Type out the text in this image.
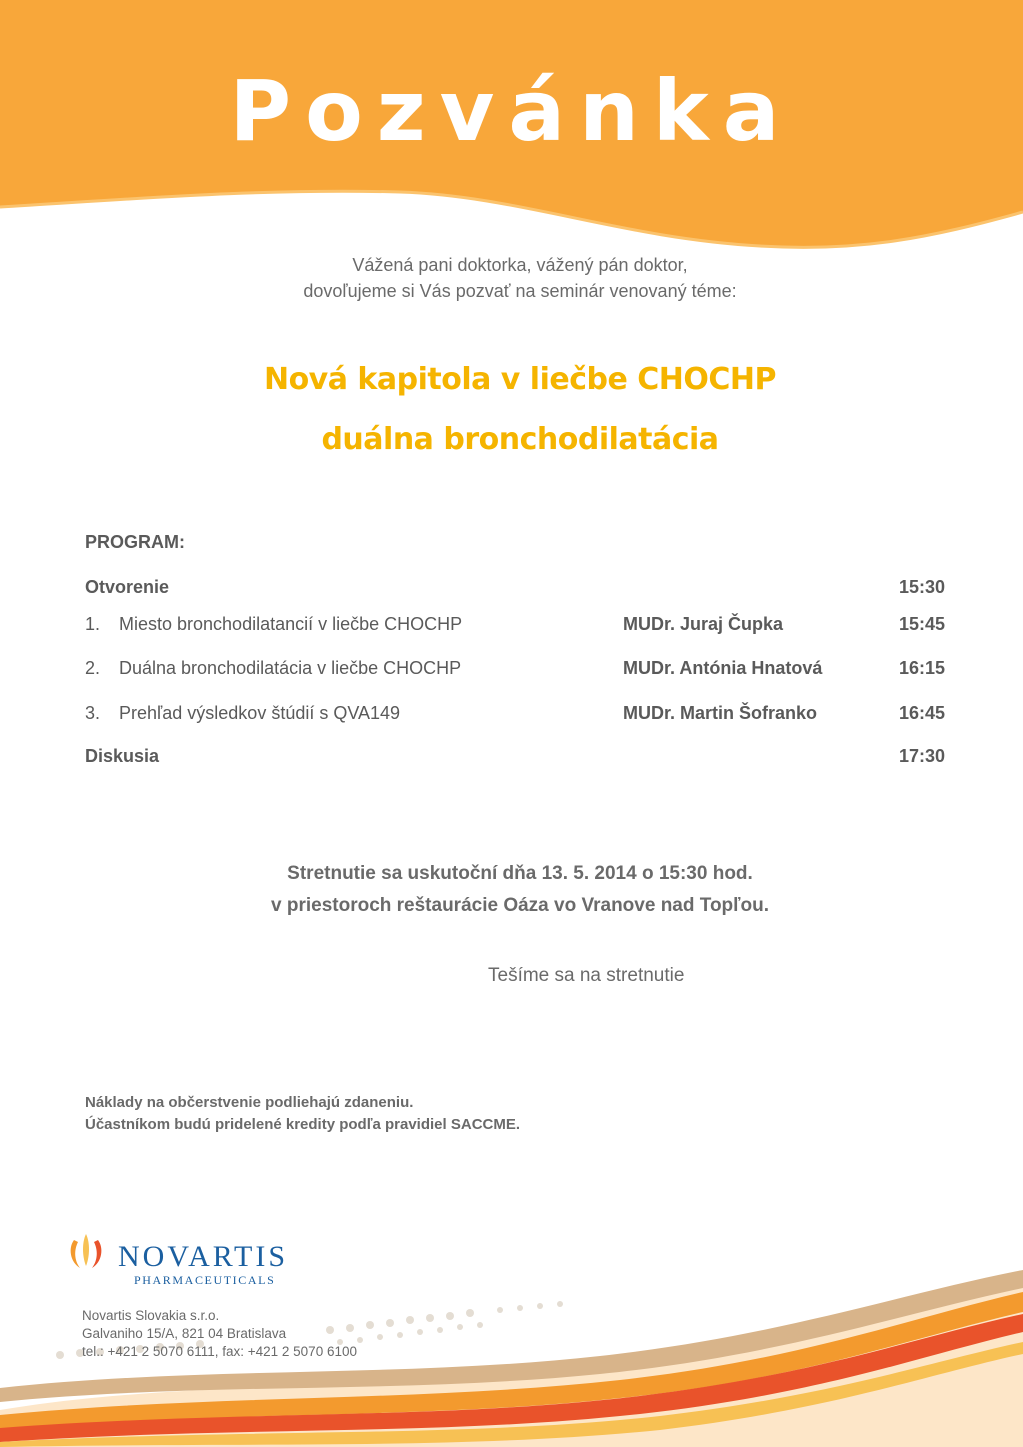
Pozvánka
Vážená pani doktorka, vážený pán doktor,
dovoľujeme si Vás pozvať na seminár venovaný téme:
Nová kapitola v liečbe CHOCHP
duálna bronchodilatácia
PROGRAM:
Otvorenie	15:30
1. Miesto bronchodilatancií v liečbe CHOCHP	MUDr. Juraj Čupka	15:45
2. Duálna bronchodilatácia v liečbe CHOCHP	MUDr. Antónia Hnatová	16:15
3. Prehľad výsledkov štúdií s QVA149	MUDr. Martin Šofranko	16:45
Diskusia	17:30
Stretnutie sa uskutoční dňa 13. 5. 2014 o 15:30 hod.
v priestoroch reštaurácie Oáza vo Vranove nad Topľou.
Tešíme sa na stretnutie
Náklady na občerstvenie podliehajú zdaneniu.
Účastníkom budú pridelené kredity podľa pravidiel SACCME.
NOVARTIS
PHARMACEUTICALS
Novartis Slovakia s.r.o.
Galvaniho 15/A, 821 04 Bratislava
tel.: +421 2 5070 6111, fax: +421 2 5070 6100
